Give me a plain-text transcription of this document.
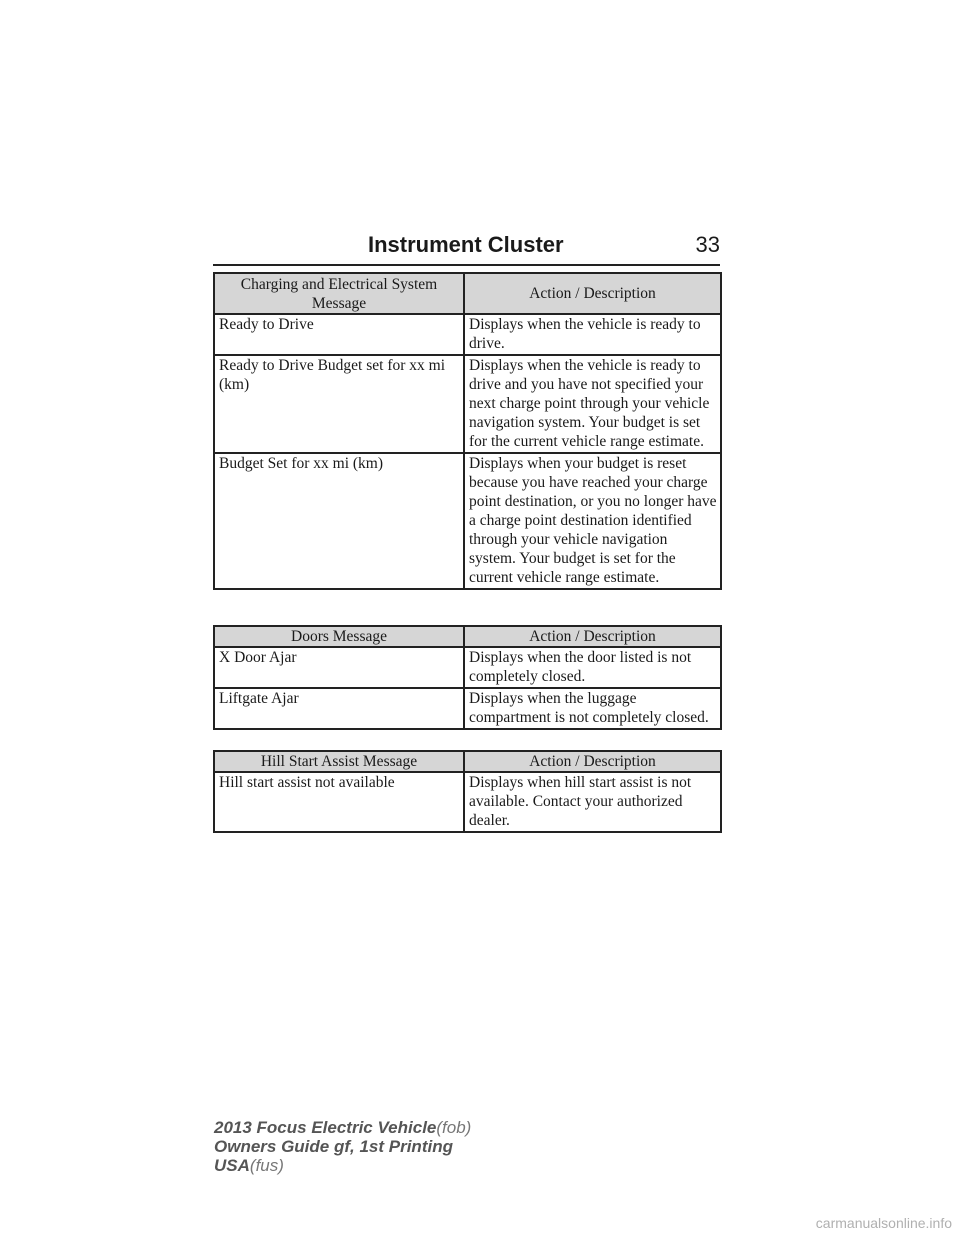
Instrument Cluster	33
Charging and Electrical System Message	Action / Description
Ready to Drive	Displays when the vehicle is ready to drive.
Ready to Drive Budget set for xx mi (km)	Displays when the vehicle is ready to drive and you have not specified your next charge point through your vehicle navigation system. Your budget is set for the current vehicle range estimate.
Budget Set for xx mi (km)	Displays when your budget is reset because you have reached your charge point destination, or you no longer have a charge point destination identified through your vehicle navigation system. Your budget is set for the current vehicle range estimate.
Doors Message	Action / Description
X Door Ajar	Displays when the door listed is not completely closed.
Liftgate Ajar	Displays when the luggage compartment is not completely closed.
Hill Start Assist Message	Action / Description
Hill start assist not available	Displays when hill start assist is not available. Contact your authorized dealer.
2013 Focus Electric Vehicle(fob)
Owners Guide gf, 1st Printing
USA(fus)
carmanualsonline.info
